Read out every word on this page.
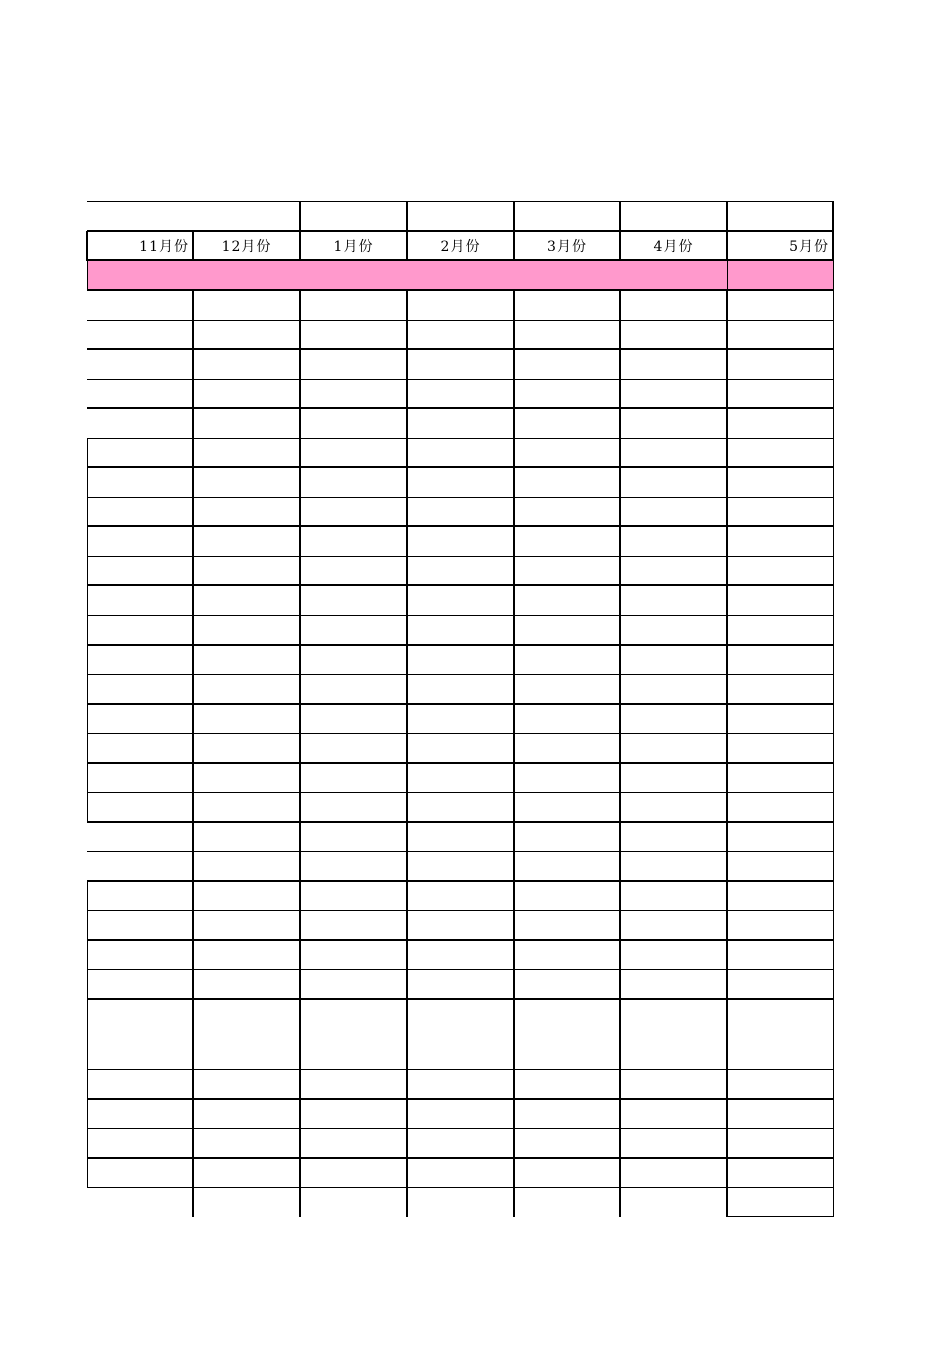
11月份	12月份	1月份	2月份	3月份	4月份	5月份
